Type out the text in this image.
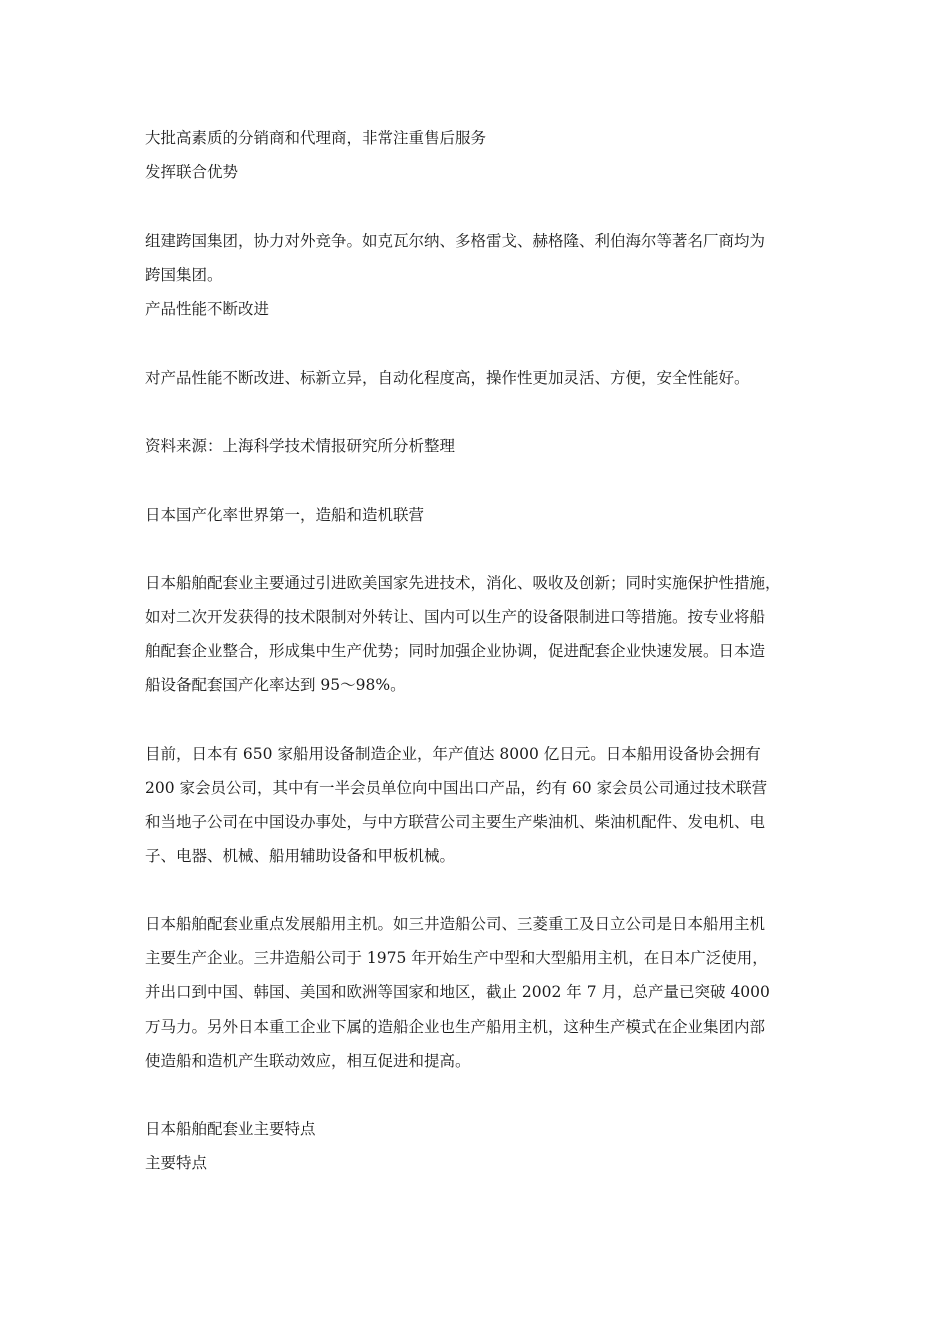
大批高素质的分销商和代理商，非常注重售后服务

发挥联合优势

组建跨国集团，协力对外竞争。如克瓦尔纳、多格雷戈、赫格隆、利伯海尔等著名厂商均为

跨国集团。

产品性能不断改进

对产品性能不断改进、标新立异，自动化程度高，操作性更加灵活、方便，安全性能好。

资料来源：上海科学技术情报研究所分析整理

日本国产化率世界第一，造船和造机联营

日本船舶配套业主要通过引进欧美国家先进技术，消化、吸收及创新；同时实施保护性措施，

如对二次开发获得的技术限制对外转让、国内可以生产的设备限制进口等措施。按专业将船

舶配套企业整合，形成集中生产优势；同时加强企业协调，促进配套企业快速发展。日本造

船设备配套国产化率达到 95～98%。

目前，日本有 650 家船用设备制造企业，年产值达 8000 亿日元。日本船用设备协会拥有

200 家会员公司，其中有一半会员单位向中国出口产品，约有 60 家会员公司通过技术联营

和当地子公司在中国设办事处，与中方联营公司主要生产柴油机、柴油机配件、发电机、电

子、电器、机械、船用辅助设备和甲板机械。

日本船舶配套业重点发展船用主机。如三井造船公司、三菱重工及日立公司是日本船用主机

主要生产企业。三井造船公司于 1975 年开始生产中型和大型船用主机，在日本广泛使用，

并出口到中国、韩国、美国和欧洲等国家和地区，截止 2002 年 7 月，总产量已突破 4000

万马力。另外日本重工企业下属的造船企业也生产船用主机，这种生产模式在企业集团内部

使造船和造机产生联动效应，相互促进和提高。

日本船舶配套业主要特点

主要特点
